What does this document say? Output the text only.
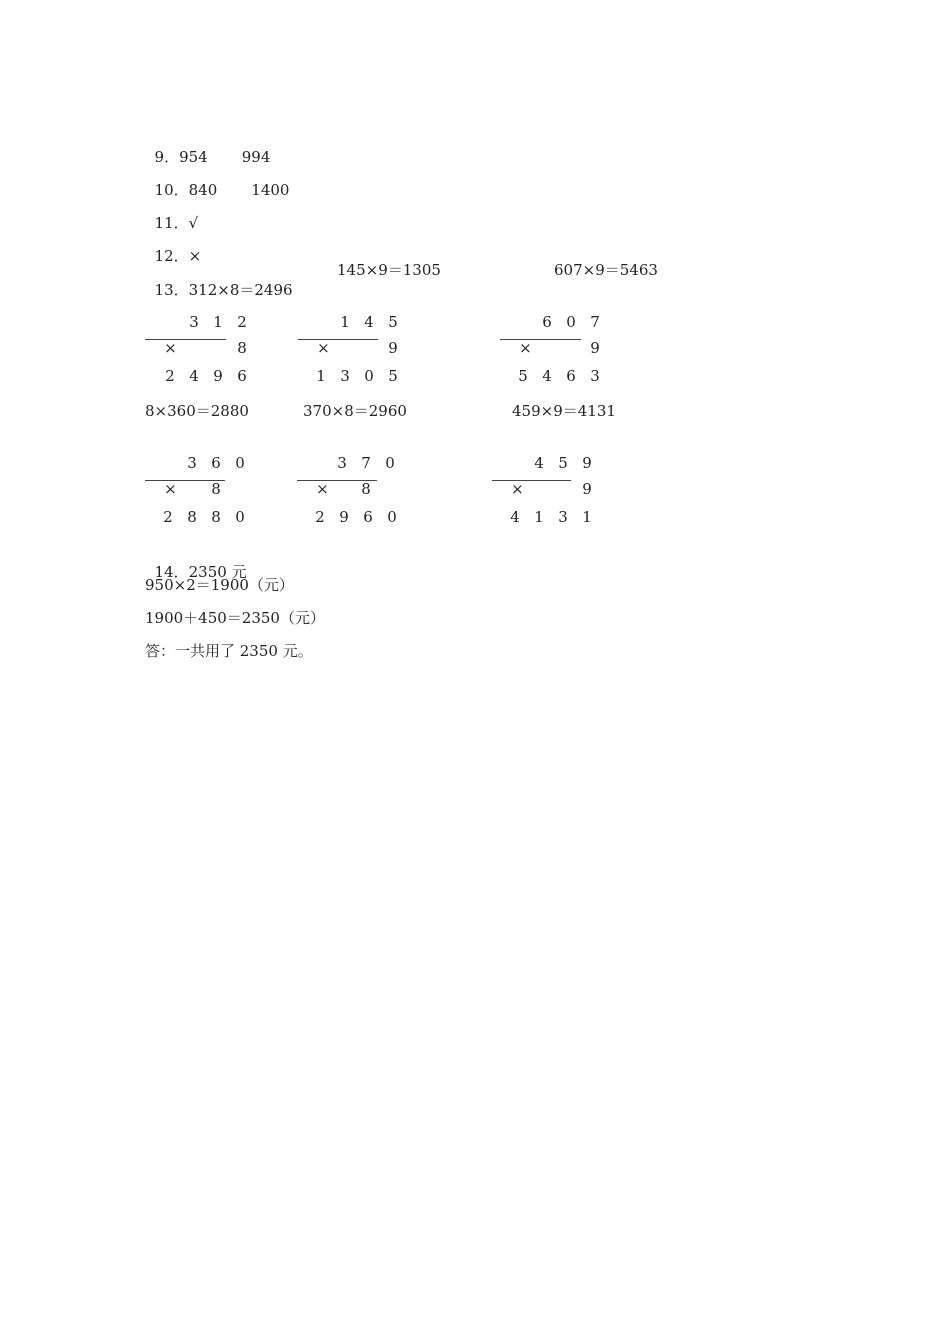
9．954 994

10．840 1400

11．√

12．×

13．312×8＝2496

145×9＝1305	607×9＝5463

3 1 2

×
	8

2 4 9 6

1 4 5

×
	9

1 3 0 5

6 0 7

×
	9

5 4 6 3

8×360＝2880	370×8＝2960	459×9＝4131

3 6 0

×
	8

2 8 8 0

3 7 0

×
	8

2 9 6 0

4 5 9

×
	9

4 1 3 1

14．2350 元

950×2＝1900（元）
1900＋450＝2350（元）
答：一共用了 2350 元。
